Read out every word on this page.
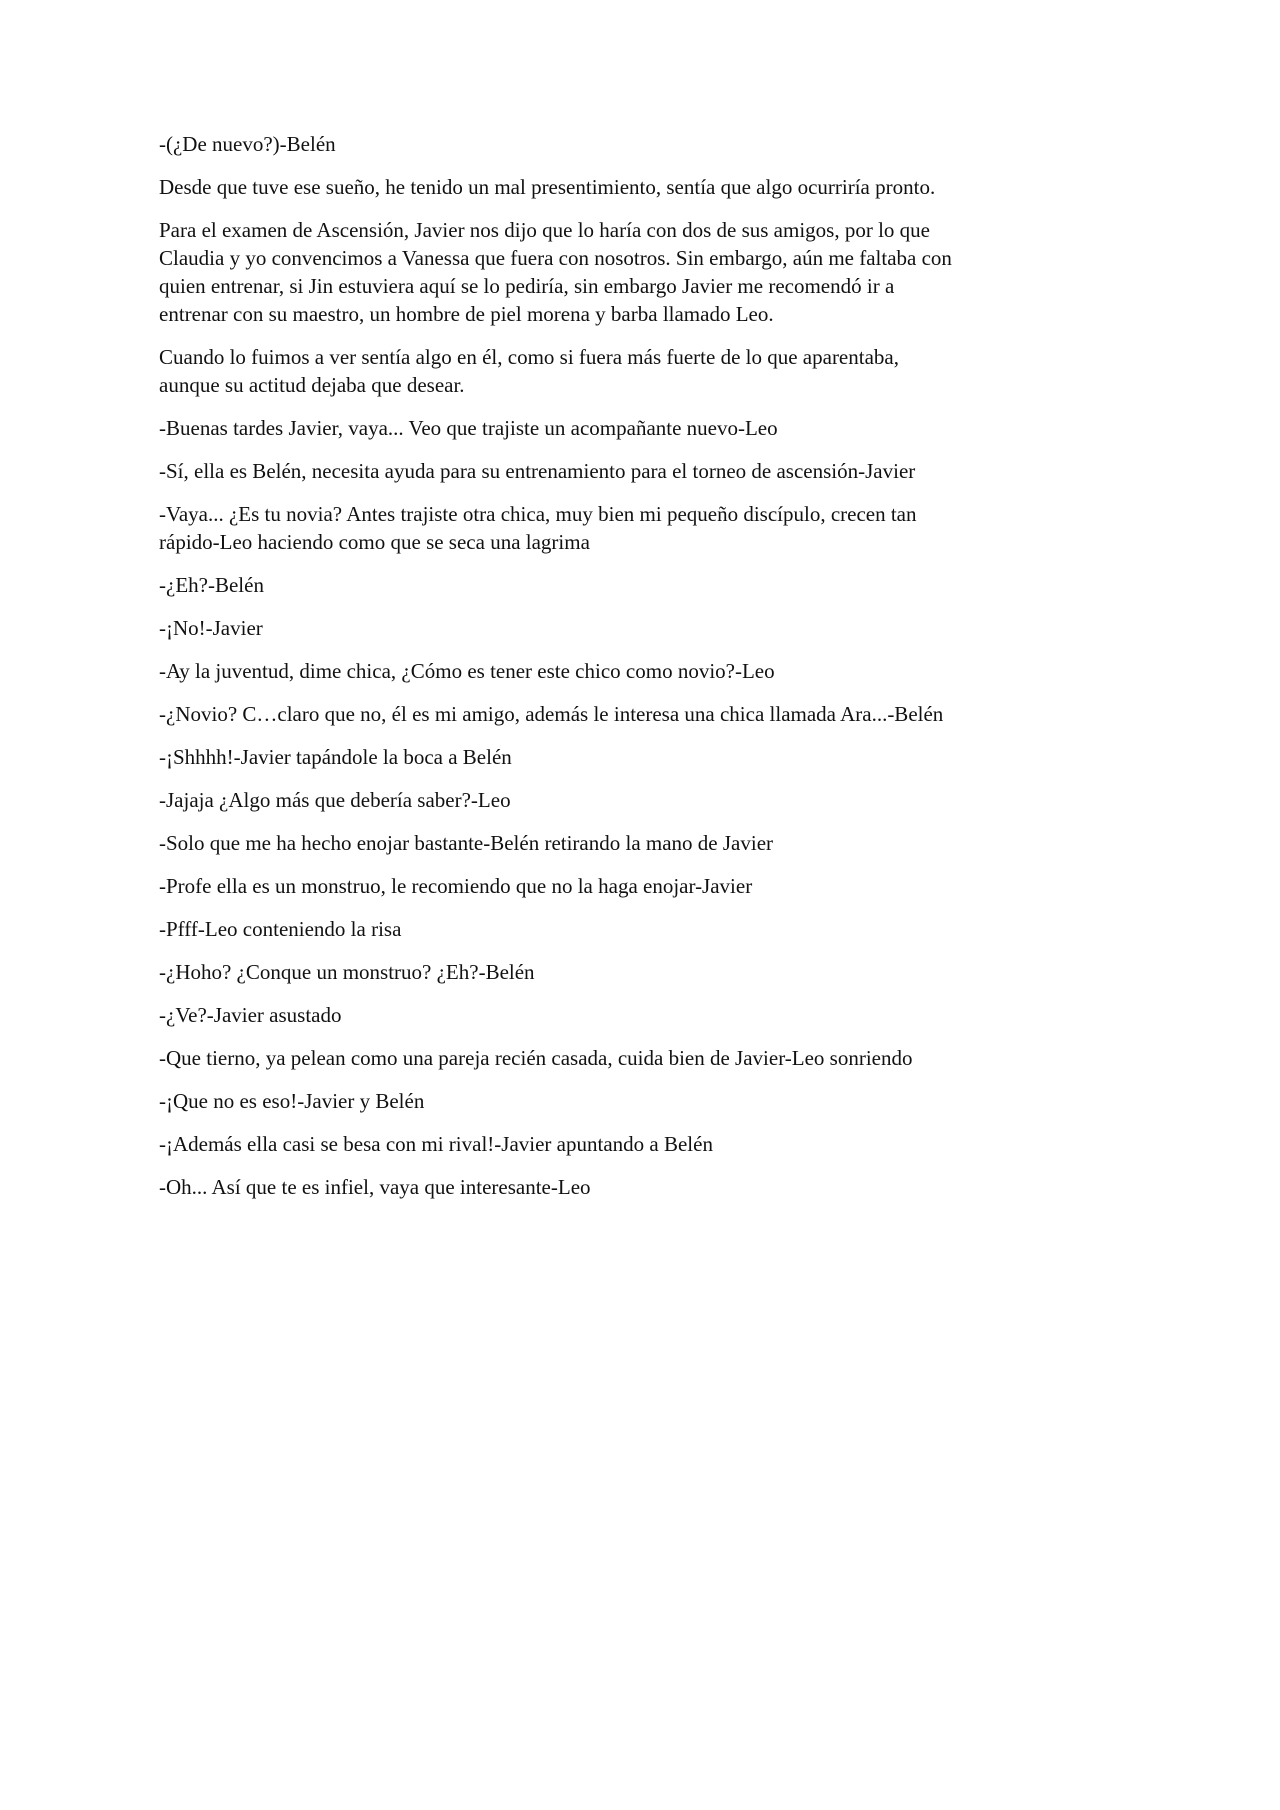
-(¿De nuevo?)-Belén

Desde que tuve ese sueño, he tenido un mal presentimiento, sentía que algo ocurriría pronto.

Para el examen de Ascensión, Javier nos dijo que lo haría con dos de sus amigos, por lo que Claudia y yo convencimos a Vanessa que fuera con nosotros. Sin embargo, aún me faltaba con quien entrenar, si Jin estuviera aquí se lo pediría, sin embargo Javier me recomendó ir a entrenar con su maestro, un hombre de piel morena y barba llamado Leo.

Cuando lo fuimos a ver sentía algo en él, como si fuera más fuerte de lo que aparentaba, aunque su actitud dejaba que desear.

-Buenas tardes Javier, vaya... Veo que trajiste un acompañante nuevo-Leo

-Sí, ella es Belén, necesita ayuda para su entrenamiento para el torneo de ascensión-Javier

-Vaya... ¿Es tu novia? Antes trajiste otra chica, muy bien mi pequeño discípulo, crecen tan rápido-Leo haciendo como que se seca una lagrima

-¿Eh?-Belén

-¡No!-Javier

-Ay la juventud, dime chica, ¿Cómo es tener este chico como novio?-Leo

-¿Novio? C…claro que no, él es mi amigo, además le interesa una chica llamada Ara...-Belén

-¡Shhhh!-Javier tapándole la boca a Belén

-Jajaja ¿Algo más que debería saber?-Leo

-Solo que me ha hecho enojar bastante-Belén retirando la mano de Javier

-Profe ella es un monstruo, le recomiendo que no la haga enojar-Javier

-Pfff-Leo conteniendo la risa

-¿Hoho? ¿Conque un monstruo? ¿Eh?-Belén

-¿Ve?-Javier asustado

-Que tierno, ya pelean como una pareja recién casada, cuida bien de Javier-Leo sonriendo

-¡Que no es eso!-Javier y Belén

-¡Además ella casi se besa con mi rival!-Javier apuntando a Belén

-Oh... Así que te es infiel, vaya que interesante-Leo
